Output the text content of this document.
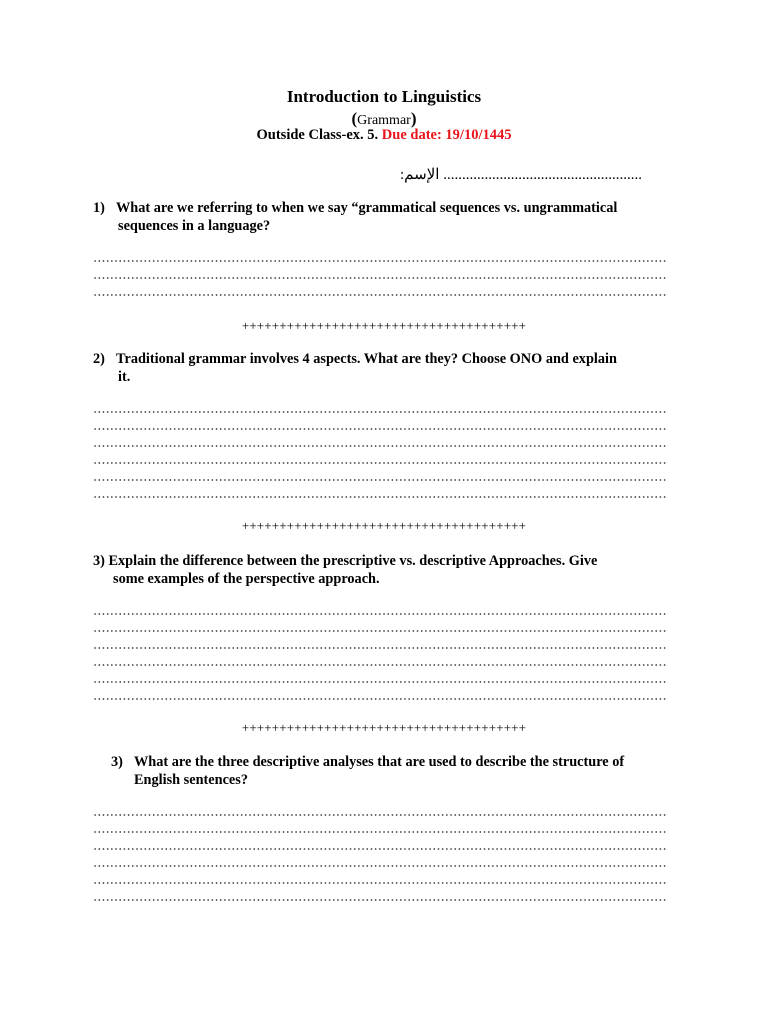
Introduction to Linguistics
(Grammar)
Outside Class-ex. 5. Due date: 19/10/1445
الإسم: .....................................................
1) What are we referring to when we say “grammatical sequences vs. ungrammatical
sequences in a language?
++++++++++++++++++++++++++++++++++++++
2) Traditional grammar involves 4 aspects. What are they? Choose ONO and explain
it.
++++++++++++++++++++++++++++++++++++++
3) Explain the difference between the prescriptive vs. descriptive Approaches. Give
some examples of the perspective approach.
++++++++++++++++++++++++++++++++++++++
3) What are the three descriptive analyses that are used to describe the structure of
English sentences?
